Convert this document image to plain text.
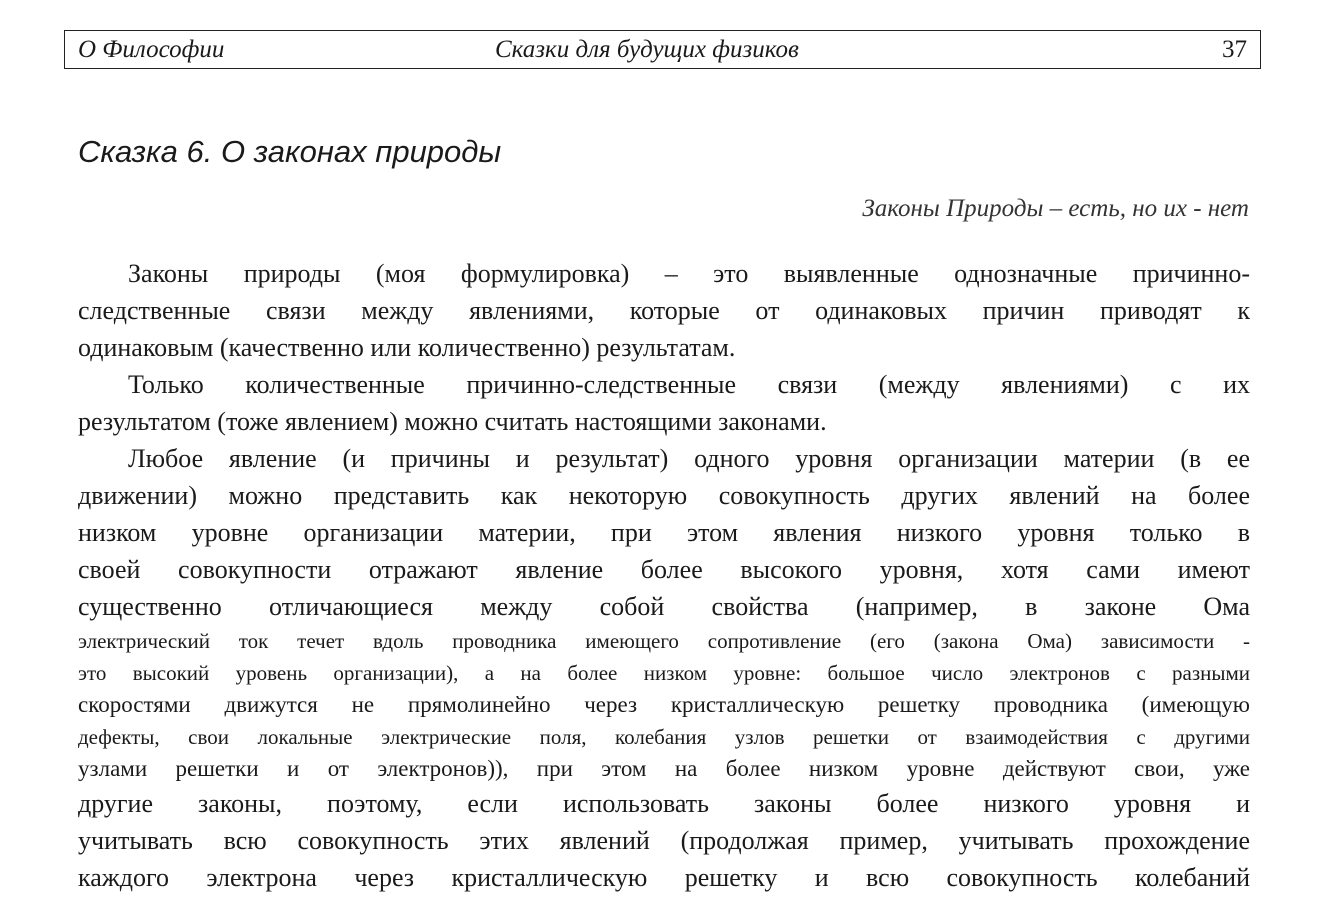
О Философии	Сказки для будущих физиков	37
Сказка 6. О законах природы
Законы Природы – есть, но их - нет
Законы природы (моя формулировка) – это выявленные однозначные причинно-
следственные связи между явлениями, которые от одинаковых причин приводят к
одинаковым (качественно или количественно) результатам.
Только количественные причинно-следственные связи (между явлениями) с их
результатом (тоже явлением) можно считать настоящими законами.
Любое явление (и причины и результат) одного уровня организации материи (в ее
движении) можно представить как некоторую совокупность других явлений на более
низком уровне организации материи, при этом явления низкого уровня только в
своей совокупности отражают явление более высокого уровня, хотя сами имеют
существенно отличающиеся между собой свойства (например, в законе Ома
электрический ток течет вдоль проводника имеющего сопротивление (его (закона Ома) зависимости -
это высокий уровень организации), а на более низком уровне: большое число электронов с разными
скоростями движутся не прямолинейно через кристаллическую решетку проводника (имеющую
дефекты, свои локальные электрические поля, колебания узлов решетки от взаимодействия с другими
узлами решетки и от электронов)), при этом на более низком уровне действуют свои, уже
другие законы, поэтому, если использовать законы более низкого уровня и
учитывать всю совокупность этих явлений (продолжая пример, учитывать прохождение
каждого электрона через кристаллическую решетку и всю совокупность колебаний
